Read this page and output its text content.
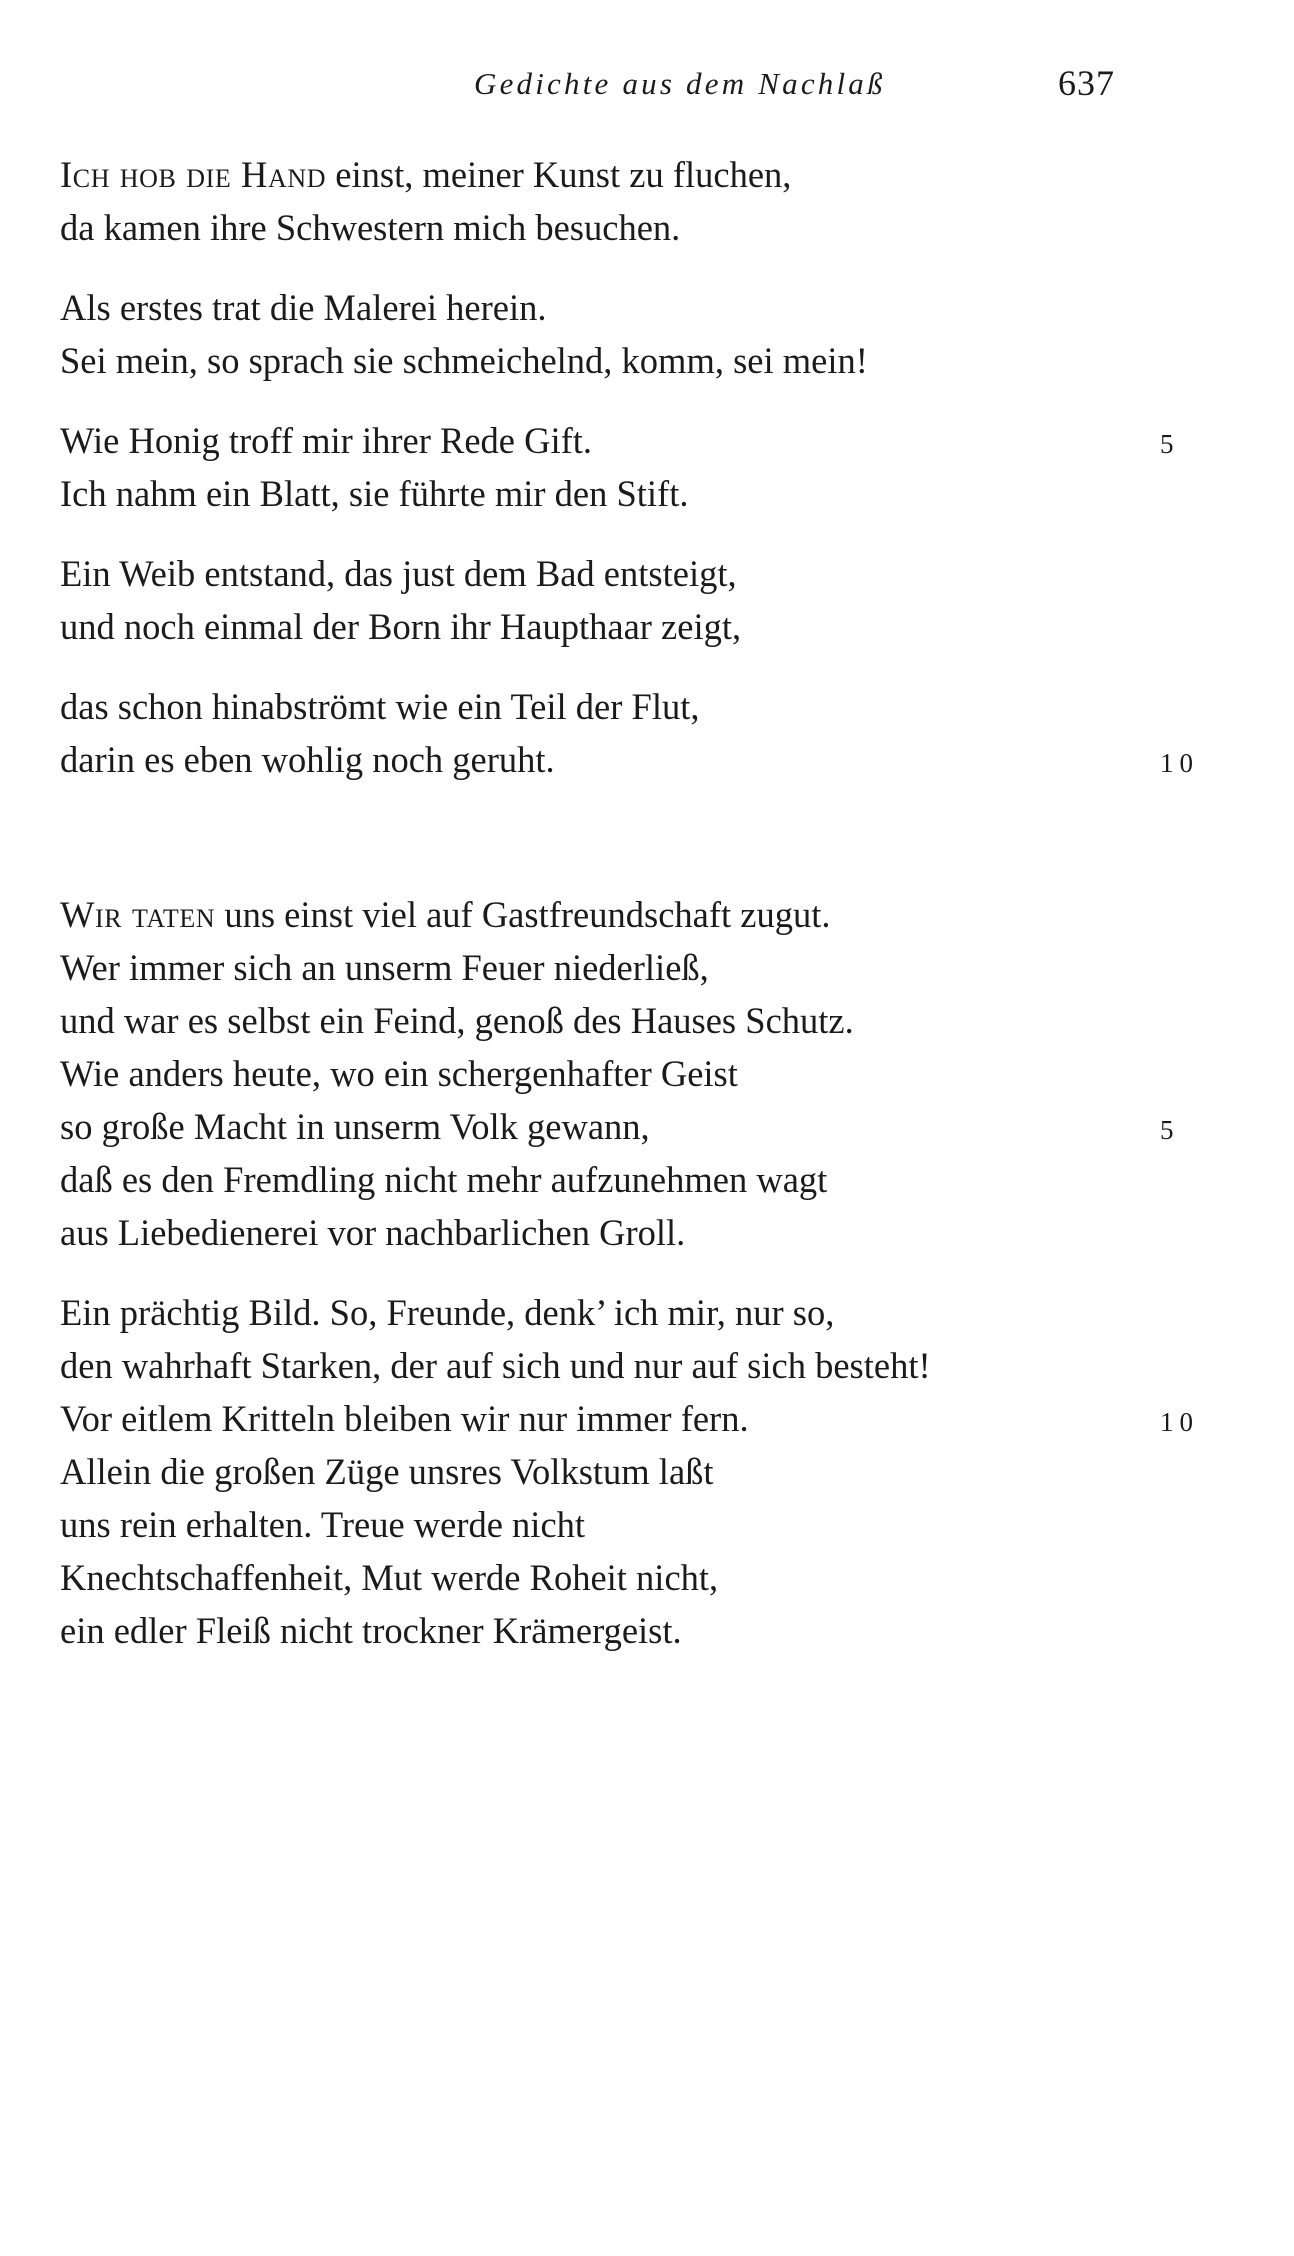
Gedichte aus dem Nachlaß	637
Ich hob die Hand einst, meiner Kunst zu fluchen,
da kamen ihre Schwestern mich besuchen.
Als erstes trat die Malerei herein.
Sei mein, so sprach sie schmeichelnd, komm, sei mein!
Wie Honig troff mir ihrer Rede Gift.	5
Ich nahm ein Blatt, sie führte mir den Stift.
Ein Weib entstand, das just dem Bad entsteigt,
und noch einmal der Born ihr Haupthaar zeigt,
das schon hinabströmt wie ein Teil der Flut,
darin es eben wohlig noch geruht.	10
Wir taten uns einst viel auf Gastfreundschaft zugut.
Wer immer sich an unserm Feuer niederließ,
und war es selbst ein Feind, genoß des Hauses Schutz.
Wie anders heute, wo ein schergenhafter Geist
so große Macht in unserm Volk gewann,	5
daß es den Fremdling nicht mehr aufzunehmen wagt
aus Liebedienerei vor nachbarlichen Groll.
Ein prächtig Bild. So, Freunde, denk’ ich mir, nur so,
den wahrhaft Starken, der auf sich und nur auf sich besteht!
Vor eitlem Kritteln bleiben wir nur immer fern.	10
Allein die großen Züge unsres Volkstum laßt
uns rein erhalten. Treue werde nicht
Knechtschaffenheit, Mut werde Roheit nicht,
ein edler Fleiß nicht trockner Krämergeist.
